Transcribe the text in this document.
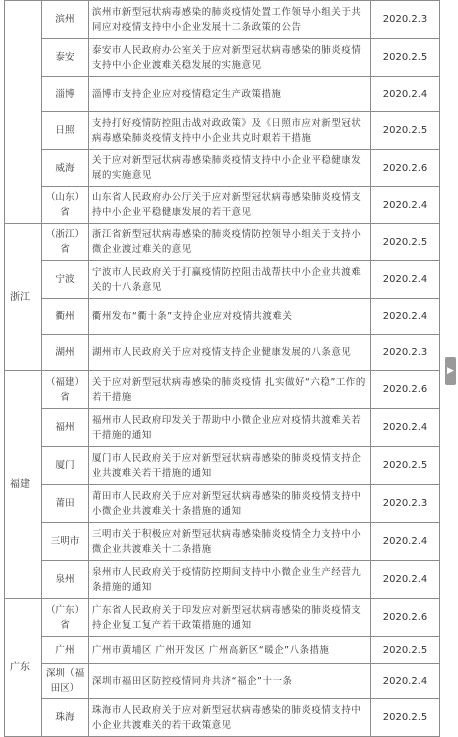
	滨州	滨州市新型冠状病毒感染的肺炎疫情处置工作领导小组关于共同应对疫情支持中小企业发展十二条政策的公告	2020.2.3
	泰安	泰安市人民政府办公室关于应对新型冠状病毒感染的肺炎疫情支持中小企业渡难关稳发展的实施意见	2020.2.5
	淄博	淄博市支持企业应对疫情稳定生产政策措施	2020.2.4
	日照	支持打好疫情防控阻击战对政政策》及《日照市应对新型冠状病毒感染肺炎疫情支持中小企业共克时艰若干措施	2020.2.5
	威海	关于应对新型冠状病毒感染肺炎疫情支持中小企业平稳健康发展的实施意见	2020.2.6
	（山东）省	山东省人民政府办公厅关于应对新型冠状病毒感染肺炎疫情支持中小企业平稳健康发展的若干意见	2020.2.4
浙江	（浙江）省	浙江省新型冠状病毒感染的肺炎疫情防控领导小组关于支持小微企业渡过难关的意见	2020.2.5
	宁波	宁波市人民政府关于打赢疫情防控阻击战帮扶中小企业共渡难关的十八条意见	2020.2.4
	衢州	衢州发布“衢十条”支持企业应对疫情共渡难关	2020.2.4
	湖州	湖州市人民政府关于应对疫情支持企业健康发展的八条意见	2020.2.3
福建	（福建）省	关于应对新型冠状病毒感染的肺炎疫情 扎实做好“六稳”工作的若干措施	2020.2.6
	福州	福州市人民政府印发关于帮助中小微企业应对疫情共渡难关若干措施的通知	2020.2.4
	厦门	厦门市人民政府关于应对新型冠状病毒感染的肺炎疫情支持企业共渡难关若干措施的通知	2020.2.5
	莆田	莆田市人民政府关于应对新型冠状病毒感染的肺炎疫情支持中小微企业共渡难关十条措施的通知	2020.2.3
	三明市	三明市关于积极应对新型冠状病毒感染肺炎疫情全力支持中小微企业共渡难关十二条措施	2020.2.4
	泉州	泉州市人民政府关于疫情防控期间支持中小微企业生产经营九条措施的通知	2020.2.4
广东	（广东）省	广东省人民政府关于印发应对新型冠状病毒感染的肺炎疫情支持企业复工复产若干政策措施的通知	2020.2.6
	广州	广州市黄埔区 广州开发区 广州高新区“暖企”八条措施	2020.2.5
	深圳（福田区）	深圳市福田区防控疫情同舟共济“福企”十一条	2020.2.4
	珠海	珠海市人民政府关于应对新型冠状病毒感染的肺炎疫情支持中小企业共渡难关的若干政策意见	2020.2.5
▶
